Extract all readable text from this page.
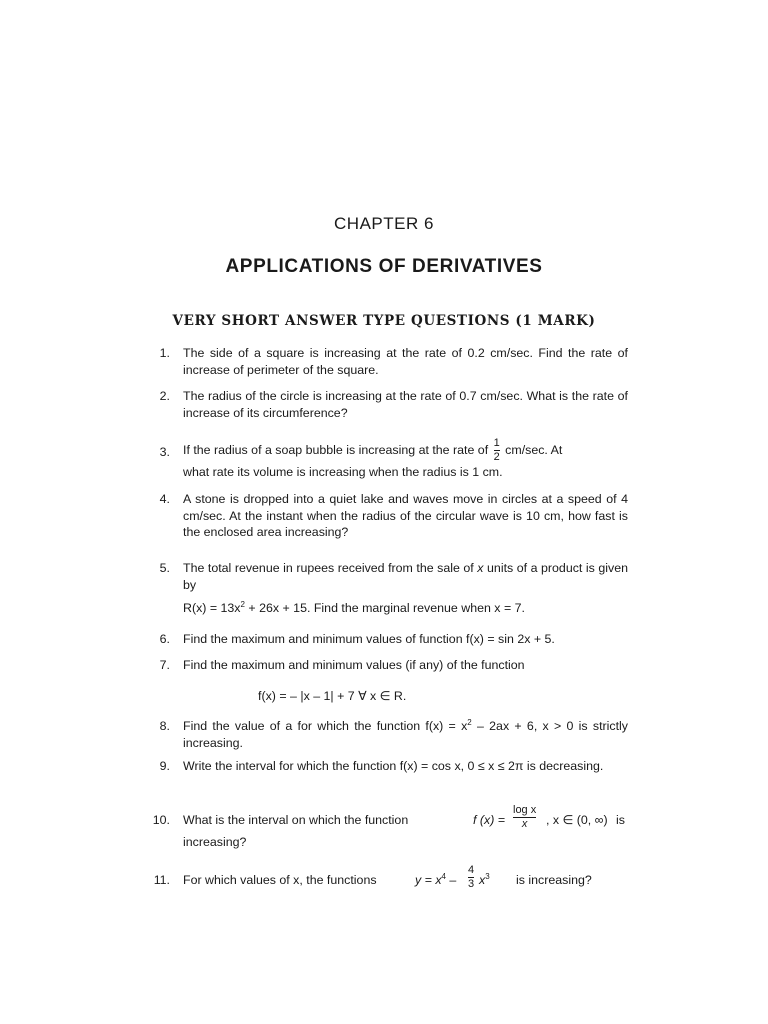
CHAPTER 6
APPLICATIONS OF DERIVATIVES
VERY SHORT ANSWER TYPE QUESTIONS (1 MARK)
1. The side of a square is increasing at the rate of 0.2 cm/sec. Find the rate of increase of perimeter of the square.
2. The radius of the circle is increasing at the rate of 0.7 cm/sec. What is the rate of increase of its circumference?
3. If the radius of a soap bubble is increasing at the rate of $\frac{1}{2} cm/\sec$. At
what rate its volume is increasing when the radius is 1 cm.
4. A stone is dropped into a quiet lake and waves move in circles at a speed of 4 cm/sec. At the instant when the radius of the circular wave is 10 cm, how fast is the enclosed area increasing?
5. The total revenue in rupees received from the sale of x units of a product is given by
$R(x) = 13x^2 + 26x + 15$. Find the marginal revenue when x = 7.
6. Find the maximum and minimum values of function f(x) = sin 2x + 5.
7. Find the maximum and minimum values (if any) of the function
f(x) = – |x – 1| + 7 ∀ x ∈ R.
8. Find the value of a for which the function $f(x) = x^2 - 2ax + 6$, x > 0 is strictly increasing.
9. Write the interval for which the function f(x) = cos x, 0 ≤ x ≤ 2π is decreasing.
10. What is the interval on which the function	f $(x) = \frac{\text{log x}}{x}$ , x ∈ (0, ∞) is
increasing?
11. For which values of x, the functions	$y = x^4 - \frac{4}{3} x^3$ is increasing?
